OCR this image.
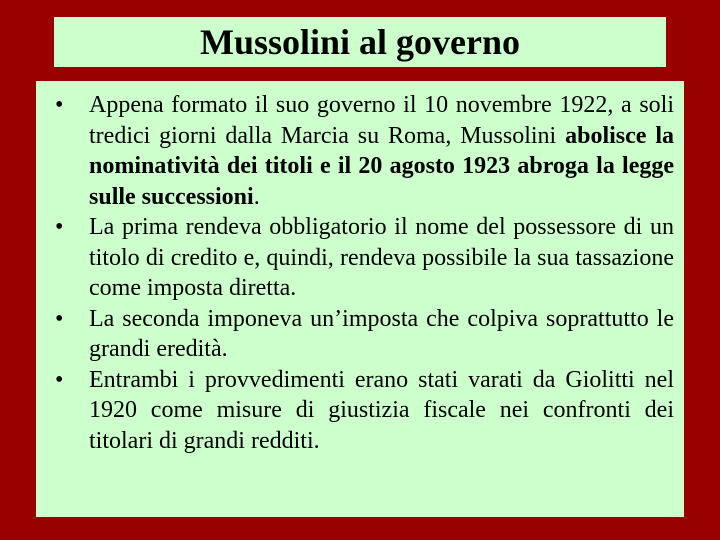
Mussolini al governo
• Appena formato il suo governo il 10 novembre 1922, a soli tredici giorni dalla Marcia su Roma, Mussolini abolisce la nominatività dei titoli e il 20 agosto 1923 abroga la legge sulle successioni.
• La prima rendeva obbligatorio il nome del possessore di un titolo di credito e, quindi, rendeva possibile la sua tassazione come imposta diretta.
• La seconda imponeva un’imposta che colpiva soprattutto le grandi eredità.
• Entrambi i provvedimenti erano stati varati da Giolitti nel 1920 come misure di giustizia fiscale nei confronti dei titolari di grandi redditi.
